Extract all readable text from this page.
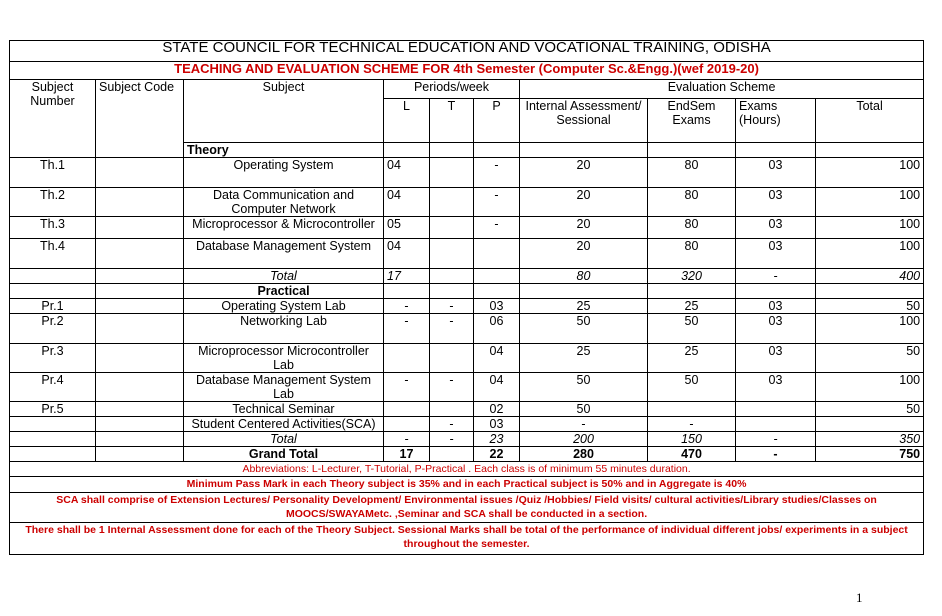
STATE COUNCIL FOR TECHNICAL EDUCATION AND VOCATIONAL TRAINING, ODISHA									
TEACHING AND EVALUATION SCHEME FOR 4th Semester (Computer Sc.&Engg.)(wef 2019-20)									
Subject Number	Subject Code	Subject	Periods/week			Evaluation Scheme			
			L	T	P	Internal Assessment/ Sessional	EndSem Exams	Exams (Hours)	Total
		Theory							
Th.1		Operating System	04		-	20	80	03	100
Th.2		Data Communication and Computer Network	04		-	20	80	03	100
Th.3		Microprocessor & Microcontroller	05		-	20	80	03	100
Th.4		Database Management System	04			20	80	03	100
		Total	17			80	320	-	400
		Practical							
Pr.1		Operating System Lab	-	-	03	25	25	03	50
Pr.2		Networking Lab	-	-	06	50	50	03	100
Pr.3		Microprocessor Microcontroller Lab			04	25	25	03	50
Pr.4		Database Management System Lab	-	-	04	50	50	03	100
Pr.5		Technical Seminar			02	50			50
		Student Centered Activities(SCA)		-	03	-	-		
		Total	-	-	23	200	150	-	350
		Grand Total	17		22	280	470	-	750
Abbreviations: L-Lecturer, T-Tutorial, P-Practical . Each class is of minimum 55 minutes duration.									
Minimum Pass Mark in each Theory subject is 35% and in each Practical subject is 50% and in Aggregate is 40%									
SCA shall comprise of Extension Lectures/ Personality Development/ Environmental issues /Quiz /Hobbies/ Field visits/ cultural activities/Library studies/Classes on MOOCS/SWAYAMetc. ,Seminar and SCA shall be conducted in a section.									
There shall be 1 Internal Assessment done for each of the Theory Subject. Sessional Marks shall be total of the performance of individual different jobs/ experiments in a subject throughout the semester.									
1
